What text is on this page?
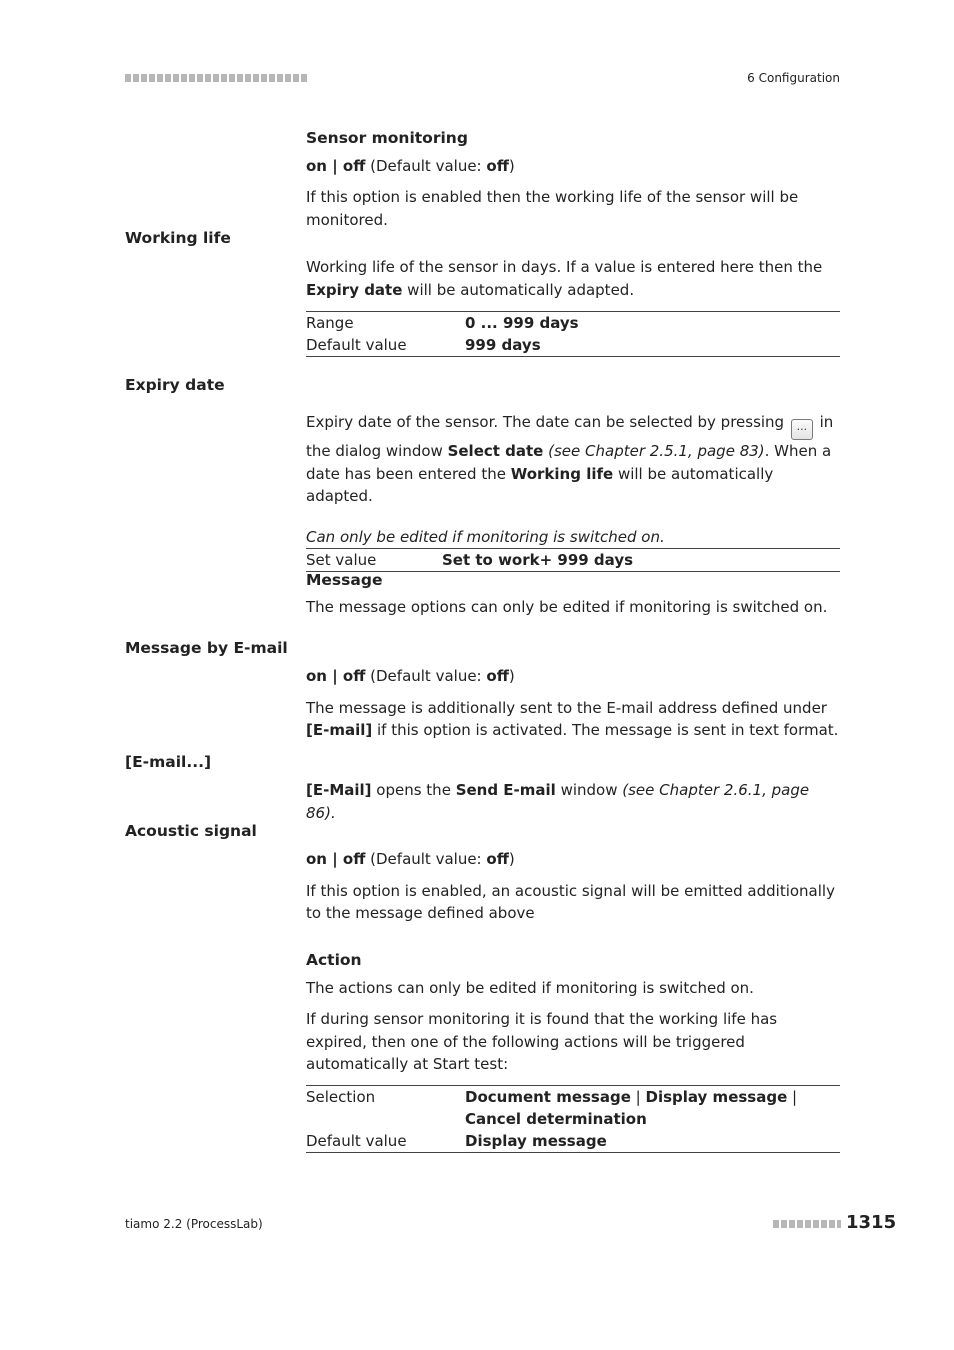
6 Configuration
Sensor monitoring
on | off (Default value: off)
If this option is enabled then the working life of the sensor will be monitored.
Working life
Working life of the sensor in days. If a value is entered here then the Expiry date will be automatically adapted.
Range	0 ... 999 days
Default value	999 days
Expiry date
Expiry date of the sensor. The date can be selected by pressing ... in the dialog window Select date (see Chapter 2.5.1, page 83). When a date has been entered the Working life will be automatically adapted.
Can only be edited if monitoring is switched on.
Set value	Set to work+ 999 days
Message
The message options can only be edited if monitoring is switched on.
Message by E-mail
on | off (Default value: off)
The message is additionally sent to the E-mail address defined under [E-mail] if this option is activated. The message is sent in text format.
[E-mail...]
[E-Mail] opens the Send E-mail window (see Chapter 2.6.1, page 86).
Acoustic signal
on | off (Default value: off)
If this option is enabled, an acoustic signal will be emitted additionally to the message defined above
Action
The actions can only be edited if monitoring is switched on.
If during sensor monitoring it is found that the working life has expired, then one of the following actions will be triggered automatically at Start test:
Selection	Document message | Display message | Cancel determination
Default value	Display message
tiamo 2.2 (ProcessLab)	1315
